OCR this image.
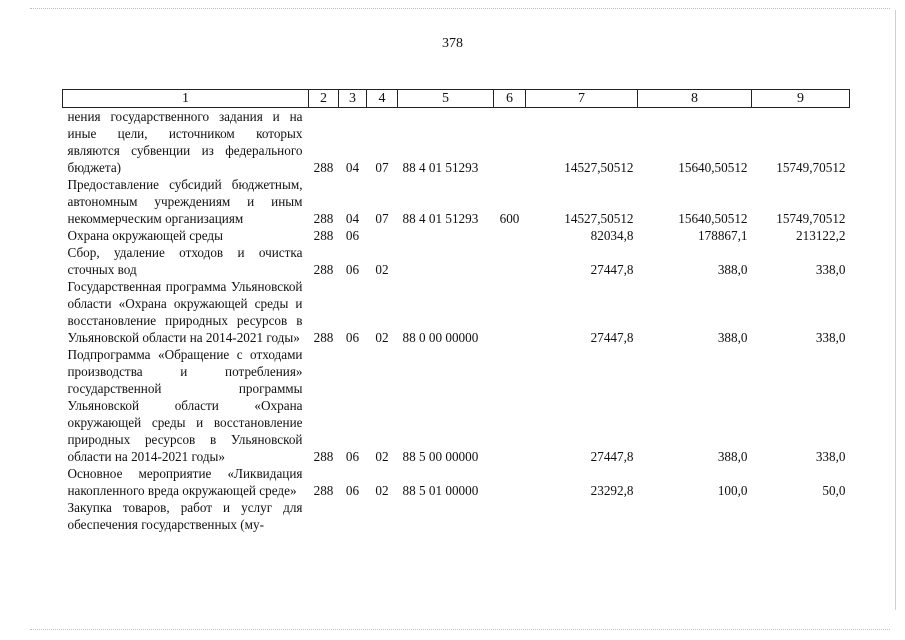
378
1	2	3	4	5	6	7	8	9
нения государственного задания и на иные цели, источником которых являются субвенции из федерального бюджета)	288	04	07	88 4 01 51293		14527,50512	15640,50512	15749,70512
Предоставление субсидий бюджетным, автономным учреждениям и иным некоммерческим организациям	288	04	07	88 4 01 51293	600	14527,50512	15640,50512	15749,70512
Охрана окружающей среды	288	06				82034,8	178867,1	213122,2
Сбор, удаление отходов и очистка сточных вод	288	06	02			27447,8	388,0	338,0
Государственная программа Ульяновской области «Охрана окружающей среды и восстановление природных ресурсов в Ульяновской области на 2014-2021 годы»	288	06	02	88 0 00 00000		27447,8	388,0	338,0
Подпрограмма «Обращение с отходами производства и потребления» государственной программы Ульяновской области «Охрана окружающей среды и восстановление природных ресурсов в Ульяновской области на 2014-2021 годы»	288	06	02	88 5 00 00000		27447,8	388,0	338,0
Основное мероприятие «Ликвидация накопленного вреда окружающей среде»	288	06	02	88 5 01 00000		23292,8	100,0	50,0
Закупка товаров, работ и услуг для обеспечения государственных (му-								
